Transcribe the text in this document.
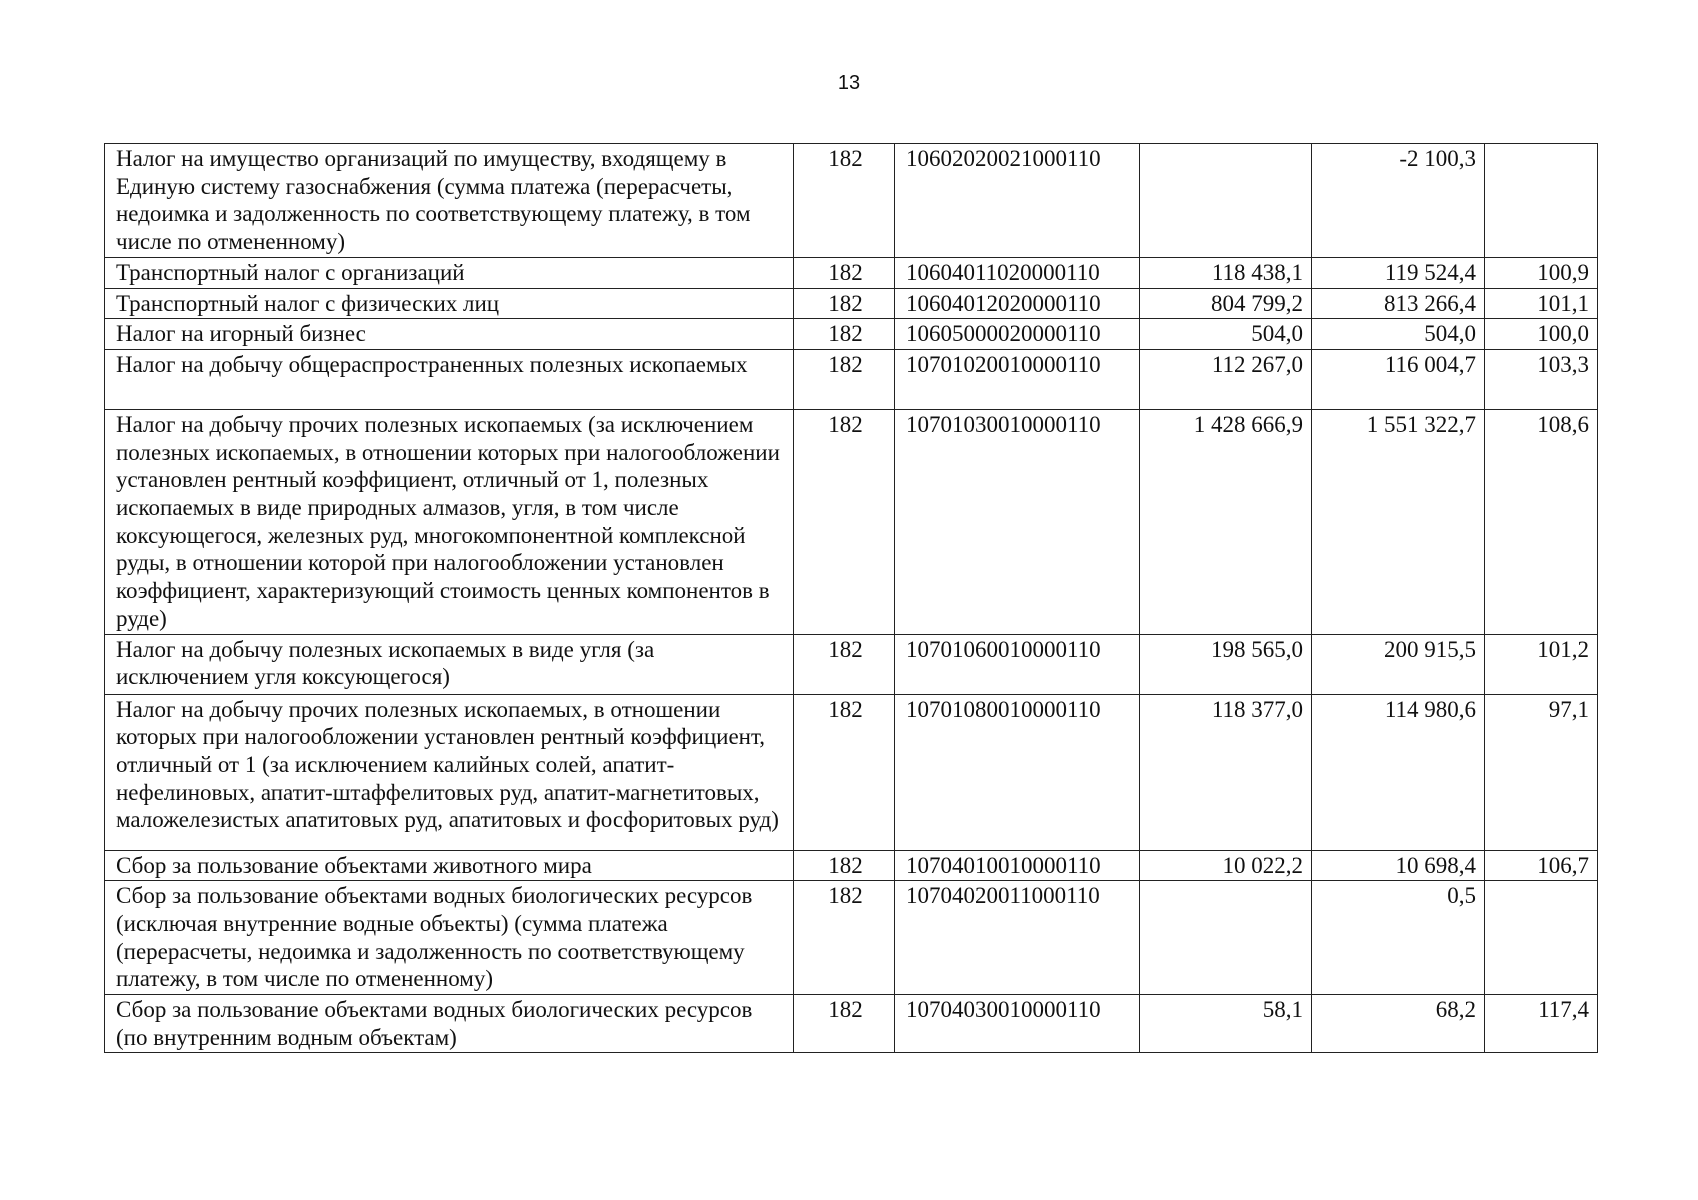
13
Налог на имущество организаций по имуществу, входящему в Единую систему газоснабжения (сумма платежа (перерасчеты, недоимка и задолженность по соответствующему платежу, в том числе по отмененному)	182	10602020021000110		-2 100,3	
Транспортный налог с организаций	182	10604011020000110	118 438,1	119 524,4	100,9
Транспортный налог с физических лиц	182	10604012020000110	804 799,2	813 266,4	101,1
Налог на игорный бизнес	182	10605000020000110	504,0	504,0	100,0
Налог на добычу общераспространенных полезных ископаемых	182	10701020010000110	112 267,0	116 004,7	103,3
Налог на добычу прочих полезных ископаемых (за исключением полезных ископаемых, в отношении которых при налогообложении установлен рентный коэффициент, отличный от 1, полезных ископаемых в виде природных алмазов, угля, в том числе коксующегося, железных руд, многокомпонентной комплексной руды, в отношении которой при налогообложении установлен коэффициент, характеризующий стоимость ценных компонентов в руде)	182	10701030010000110	1 428 666,9	1 551 322,7	108,6
Налог на добычу полезных ископаемых в виде угля (за исключением угля коксующегося)	182	10701060010000110	198 565,0	200 915,5	101,2
Налог на добычу прочих полезных ископаемых, в отношении которых при налогообложении установлен рентный коэффициент, отличный от 1 (за исключением калийных солей, апатит-нефелиновых, апатит-штаффелитовых руд, апатит-магнетитовых, маложелезистых апатитовых руд, апатитовых и фосфоритовых руд)	182	10701080010000110	118 377,0	114 980,6	97,1
Сбор за пользование объектами животного мира	182	10704010010000110	10 022,2	10 698,4	106,7
Сбор за пользование объектами водных биологических ресурсов (исключая внутренние водные объекты) (сумма платежа (перерасчеты, недоимка и задолженность по соответствующему платежу, в том числе по отмененному)	182	10704020011000110		0,5	
Сбор за пользование объектами водных биологических ресурсов (по внутренним водным объектам)	182	10704030010000110	58,1	68,2	117,4
